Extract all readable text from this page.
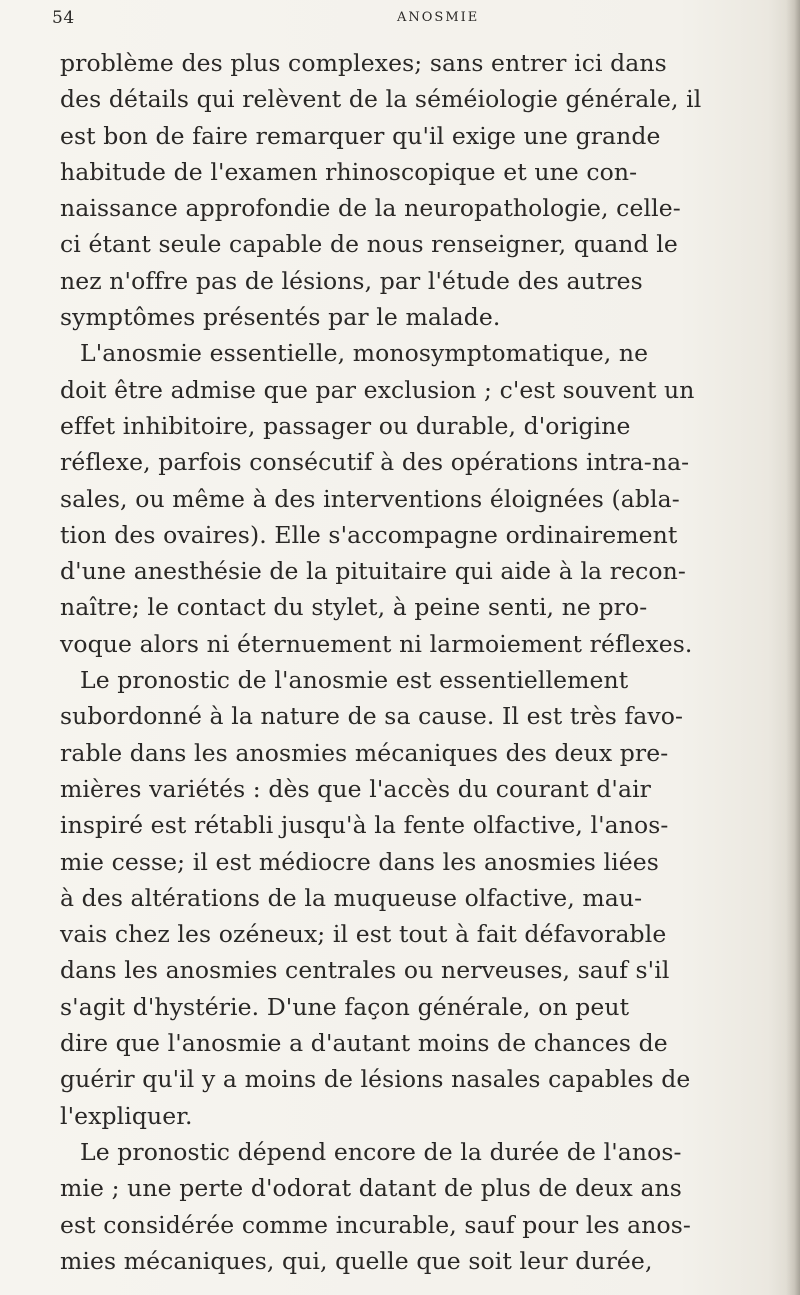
54	ANOSMIE
problème des plus complexes; sans entrer ici dans
des détails qui relèvent de la séméiologie générale, il
est bon de faire remarquer qu'il exige une grande
habitude de l'examen rhinoscopique et une con-
naissance approfondie de la neuropathologie, celle-
ci étant seule capable de nous renseigner, quand le
nez n'offre pas de lésions, par l'étude des autres
symptômes présentés par le malade.
L'anosmie essentielle, monosymptomatique, ne
doit être admise que par exclusion ; c'est souvent un
effet inhibitoire, passager ou durable, d'origine
réflexe, parfois consécutif à des opérations intra-na-
sales, ou même à des interventions éloignées (abla-
tion des ovaires). Elle s'accompagne ordinairement
d'une anesthésie de la pituitaire qui aide à la recon-
naître; le contact du stylet, à peine senti, ne pro-
voque alors ni éternuement ni larmoiement réflexes.
Le pronostic de l'anosmie est essentiellement
subordonné à la nature de sa cause. Il est très favo-
rable dans les anosmies mécaniques des deux pre-
mières variétés : dès que l'accès du courant d'air
inspiré est rétabli jusqu'à la fente olfactive, l'anos-
mie cesse; il est médiocre dans les anosmies liées
à des altérations de la muqueuse olfactive, mau-
vais chez les ozéneux; il est tout à fait défavorable
dans les anosmies centrales ou nerveuses, sauf s'il
s'agit d'hystérie. D'une façon générale, on peut
dire que l'anosmie a d'autant moins de chances de
guérir qu'il y a moins de lésions nasales capables de
l'expliquer.
Le pronostic dépend encore de la durée de l'anos-
mie ; une perte d'odorat datant de plus de deux ans
est considérée comme incurable, sauf pour les anos-
mies mécaniques, qui, quelle que soit leur durée,
